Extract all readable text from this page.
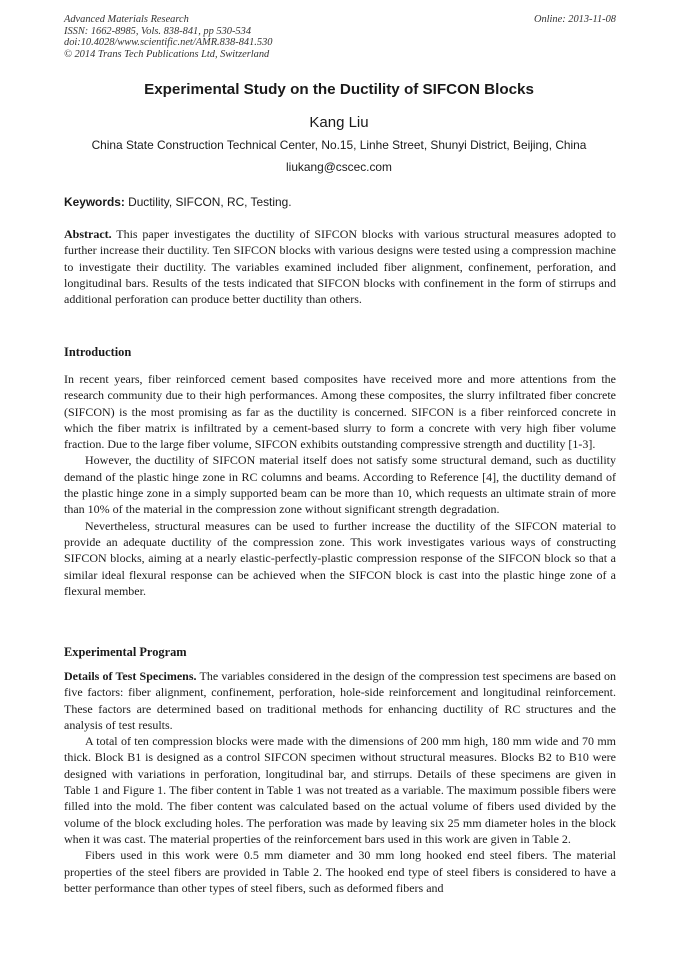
Advanced Materials Research
ISSN: 1662-8985, Vols. 838-841, pp 530-534
doi:10.4028/www.scientific.net/AMR.838-841.530
© 2014 Trans Tech Publications Ltd, Switzerland
Online: 2013-11-08
Experimental Study on the Ductility of SIFCON Blocks
Kang Liu
China State Construction Technical Center, No.15, Linhe Street, Shunyi District, Beijing, China
liukang@cscec.com
Keywords: Ductility, SIFCON, RC, Testing.

Abstract. This paper investigates the ductility of SIFCON blocks with various structural measures adopted to further increase their ductility. Ten SIFCON blocks with various designs were tested using a compression machine to investigate their ductility. The variables examined included fiber alignment, confinement, perforation, and longitudinal bars. Results of the tests indicated that SIFCON blocks with confinement in the form of stirrups and additional perforation can produce better ductility than others.

Introduction

In recent years, fiber reinforced cement based composites have received more and more attentions from the research community due to their high performances. Among these composites, the slurry infiltrated fiber concrete (SIFCON) is the most promising as far as the ductility is concerned. SIFCON is a fiber reinforced concrete in which the fiber matrix is infiltrated by a cement-based slurry to form a concrete with very high fiber volume fraction. Due to the large fiber volume, SIFCON exhibits outstanding compressive strength and ductility [1-3].

However, the ductility of SIFCON material itself does not satisfy some structural demand, such as ductility demand of the plastic hinge zone in RC columns and beams. According to Reference [4], the ductility demand of the plastic hinge zone in a simply supported beam can be more than 10, which requests an ultimate strain of more than 10% of the material in the compression zone without significant strength degradation.

Nevertheless, structural measures can be used to further increase the ductility of the SIFCON material to provide an adequate ductility of the compression zone. This work investigates various ways of constructing SIFCON blocks, aiming at a nearly elastic-perfectly-plastic compression response of the SIFCON block so that a similar ideal flexural response can be achieved when the SIFCON block is cast into the plastic hinge zone of a flexural member.

Experimental Program

Details of Test Specimens. The variables considered in the design of the compression test specimens are based on five factors: fiber alignment, confinement, perforation, hole-side reinforcement and longitudinal reinforcement. These factors are determined based on traditional methods for enhancing ductility of RC structures and the analysis of test results.

A total of ten compression blocks were made with the dimensions of 200 mm high, 180 mm wide and 70 mm thick. Block B1 is designed as a control SIFCON specimen without structural measures. Blocks B2 to B10 were designed with variations in perforation, longitudinal bar, and stirrups. Details of these specimens are given in Table 1 and Figure 1. The fiber content in Table 1 was not treated as a variable. The maximum possible fibers were filled into the mold. The fiber content was calculated based on the actual volume of fibers used divided by the volume of the block excluding holes. The perforation was made by leaving six 25 mm diameter holes in the block when it was cast. The material properties of the reinforcement bars used in this work are given in Table 2.

Fibers used in this work were 0.5 mm diameter and 30 mm long hooked end steel fibers. The material properties of the steel fibers are provided in Table 2. The hooked end type of steel fibers is considered to have a better performance than other types of steel fibers, such as deformed fibers and
